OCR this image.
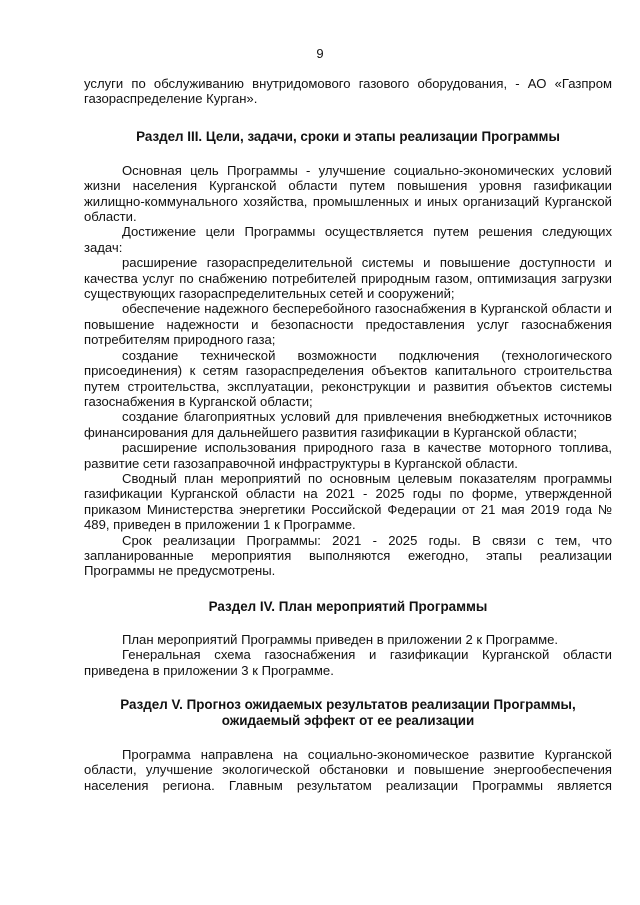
9

услуги по обслуживанию внутридомового газового оборудования, - АО «Газпром

газораспределение Курган».

Раздел III. Цели, задачи, сроки и этапы реализации Программы

Основная цель Программы - улучшение социально-экономических условий жизни населения Курганской области путем повышения уровня газификации жилищно-коммунального хозяйства, промышленных и иных организаций Курганской области.

Достижение цели Программы осуществляется путем решения следующих задач:

расширение газораспределительной системы и повышение доступности и качества услуг по снабжению потребителей природным газом, оптимизация загрузки существующих газораспределительных сетей и сооружений;

обеспечение надежного бесперебойного газоснабжения в Курганской области и повышение надежности и безопасности предоставления услуг газоснабжения потребителям природного газа;

создание технической возможности подключения (технологического присоединения) к сетям газораспределения объектов капитального строительства путем строительства, эксплуатации, реконструкции и развития объектов системы газоснабжения в Курганской области;

создание благоприятных условий для привлечения внебюджетных источников финансирования для дальнейшего развития газификации в Курганской области;

расширение использования природного газа в качестве моторного топлива, развитие сети газозаправочной инфраструктуры в Курганской области.

Сводный план мероприятий по основным целевым показателям программы газификации Курганской области на 2021 - 2025 годы по форме, утвержденной приказом Министерства энергетики Российской Федерации от 21 мая 2019 года № 489, приведен в приложении 1 к Программе.

Срок реализации Программы: 2021 - 2025 годы. В связи с тем, что запланированные мероприятия выполняются ежегодно, этапы реализации Программы не предусмотрены.

Раздел IV. План мероприятий Программы

План мероприятий Программы приведен в приложении 2 к Программе.

Генеральная схема газоснабжения и газификации Курганской области приведена в приложении 3 к Программе.

Раздел V. Прогноз ожидаемых результатов реализации Программы,
ожидаемый эффект от ее реализации

Программа направлена на социально-экономическое развитие Курганской области, улучшение экологической обстановки и повышение энергообеспечения населения региона. Главным результатом реализации Программы является
